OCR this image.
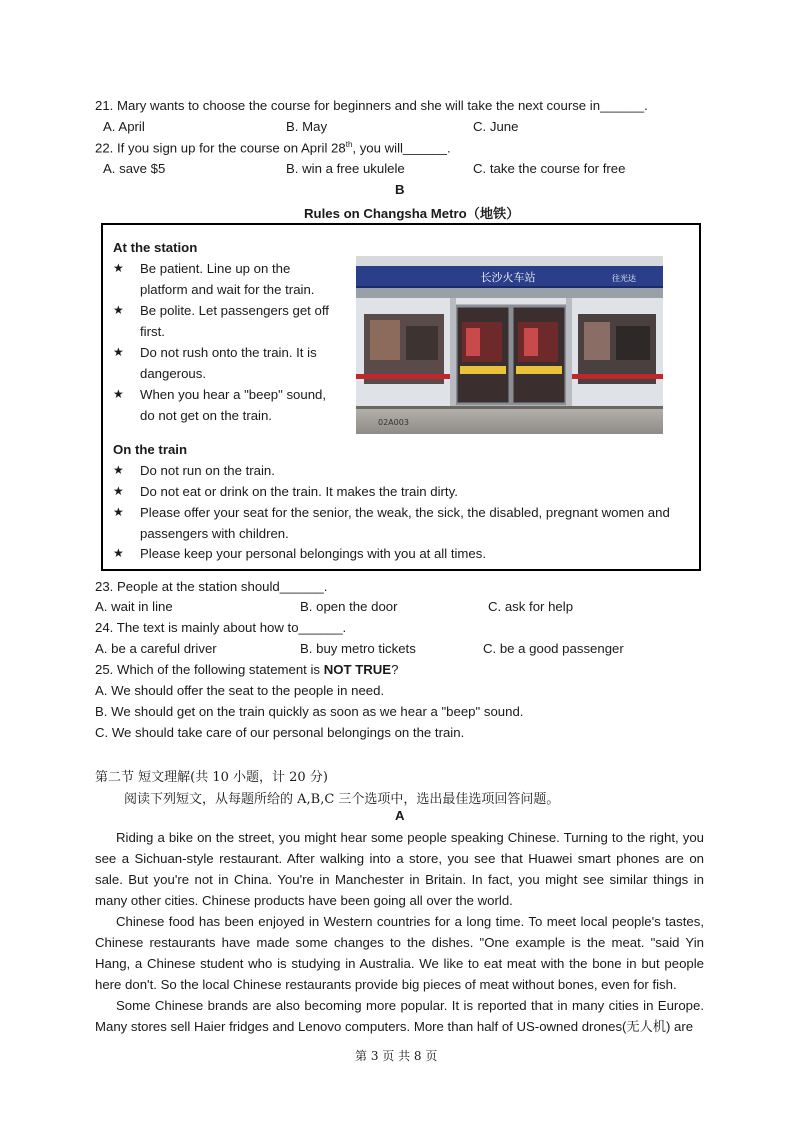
21. Mary wants to choose the course for beginners and she will take the next course in______.
A. April	B. May	C. June
22. If you sign up for the course on April 28th, you will______.
A. save $5	B. win a free ukulele	C. take the course for free
B
Rules on Changsha Metro（地铁）
At the station
★ Be patient. Line up on the
platform and wait for the train.
★ Be polite. Let passengers get off
first.
★ Do not rush onto the train. It is
dangerous.
★ When you hear a "beep" sound,
do not get on the train.
长沙火车站	往光达
02A003
On the train
★ Do not run on the train.
★ Do not eat or drink on the train. It makes the train dirty.
★ Please offer your seat for the senior, the weak, the sick, the disabled, pregnant women and
passengers with children.
★ Please keep your personal belongings with you at all times.
23. People at the station should______.
A. wait in line	B. open the door	C. ask for help
24. The text is mainly about how to______.
A. be a careful driver	B. buy metro tickets	C. be a good passenger
25. Which of the following statement is NOT TRUE?
A. We should offer the seat to the people in need.
B. We should get on the train quickly as soon as we hear a "beep" sound.
C. We should take care of our personal belongings on the train.
第二节 短文理解(共 10 小题，计 20 分)
阅读下列短文，从每题所给的 A,B,C 三个选项中，选出最佳选项回答问题。
A

Riding a bike on the street, you might hear some people speaking Chinese. Turning to the right, you see a Sichuan-style restaurant. After walking into a store, you see that Huawei smart phones are on sale. But you're not in China. You're in Manchester in Britain. In fact, you might see similar things in many other cities. Chinese products have been going all over the world.

Chinese food has been enjoyed in Western countries for a long time. To meet local people's tastes, Chinese restaurants have made some changes to the dishes. "One example is the meat. "said Yin Hang, a Chinese student who is studying in Australia. We like to eat meat with the bone in but people here don't. So the local Chinese restaurants provide big pieces of meat without bones, even for fish.

Some Chinese brands are also becoming more popular. It is reported that in many cities in Europe. Many stores sell Haier fridges and Lenovo computers. More than half of US-owned drones(无人机) are

第 3 页 共 8 页
